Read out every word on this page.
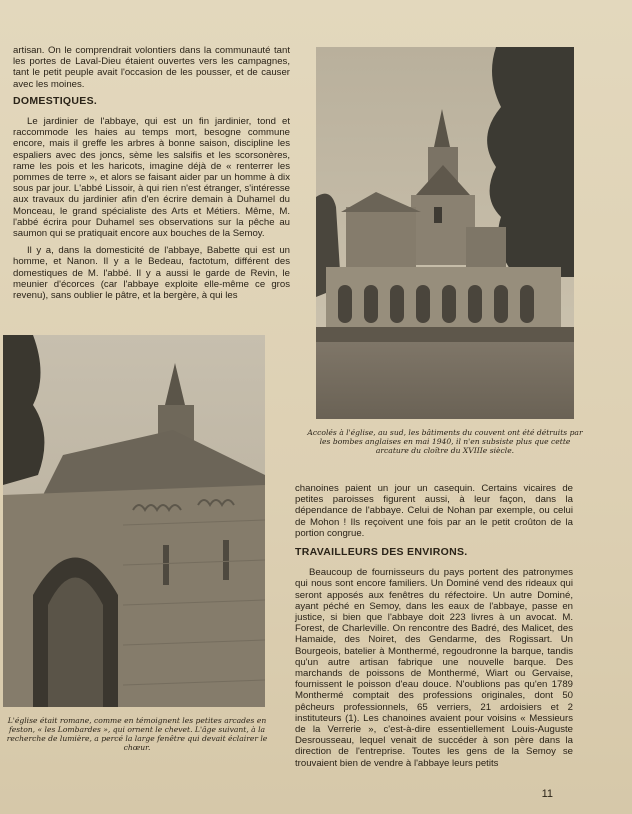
artisan. On le comprendrait volontiers dans la communauté tant les portes de Laval-Dieu étaient ouvertes vers les campagnes, tant le petit peuple avait l'occasion de les pousser, et de causer avec les moines.

DOMESTIQUES.

Le jardinier de l'abbaye, qui est un fin jardinier, tond et raccommode les haies au temps mort, besogne commune encore, mais il greffe les arbres à bonne saison, discipline les espaliers avec des joncs, sème les salsifis et les scorsonères, rame les pois et les haricots, imagine déjà de « renterrer les pommes de terre », et alors se faisant aider par un homme à dix sous par jour. L'abbé Lissoir, à qui rien n'est étranger, s'intéresse aux travaux du jardinier afin d'en écrire demain à Duhamel du Monceau, le grand spécialiste des Arts et Métiers. Même, M. l'abbé écrira pour Duhamel ses observations sur la pêche au saumon qui se pratiquait encore aux bouches de la Semoy.

Il y a, dans la domesticité de l'abbaye, Babette qui est un homme, et Nanon. Il y a le Bedeau, factotum, différent des domestiques de M. l'abbé. Il y a aussi le garde de Revin, le meunier d'écorces (car l'abbaye exploite elle-même ce gros revenu), sans oublier le pâtre, et la bergère, à qui les

Accolés à l'église, au sud, les bâtiments du couvent ont été détruits par les bombes anglaises en mai 1940, il n'en subsiste plus que cette arcature du cloître du XVIIIe siècle.
L'église était romane, comme en témoignent les petites arcades en feston, « les Lombardes », qui ornent le chevet. L'âge suivant, à la recherche de lumière, a percé la large fenêtre qui devait éclairer le chœur.

chanoines paient un jour un casequin. Certains vicaires de petites paroisses figurent aussi, à leur façon, dans la dépendance de l'abbaye. Celui de Nohan par exemple, ou celui de Mohon ! Ils reçoivent une fois par an le petit croûton de la portion congrue.

TRAVAILLEURS DES ENVIRONS.

Beaucoup de fournisseurs du pays portent des patronymes qui nous sont encore familiers. Un Dominé vend des rideaux qui seront apposés aux fenêtres du réfectoire. Un autre Dominé, ayant péché en Semoy, dans les eaux de l'abbaye, passe en justice, si bien que l'abbaye doit 223 livres à un avocat. M. Forest, de Charleville. On rencontre des Badré, des Malicet, des Hamaide, des Noiret, des Gendarme, des Rogissart. Un Bourgeois, batelier à Monthermé, regoudronne la barque, tandis qu'un autre artisan fabrique une nouvelle barque. Des marchands de poissons de Monthermé, Wiart ou Gervaise, fournissent le poisson d'eau douce. N'oublions pas qu'en 1789 Monthermé comptait des professions originales, dont 50 pêcheurs professionnels, 65 verriers, 21 ardoisiers et 2 instituteurs (1). Les chanoines avaient pour voisins « Messieurs de la Verrerie », c'est-à-dire essentiellement Louis-Auguste Desrousseau, lequel venait de succéder à son père dans la direction de l'entreprise. Toutes les gens de la Semoy se trouvaient bien de vendre à l'abbaye leurs petits

11
